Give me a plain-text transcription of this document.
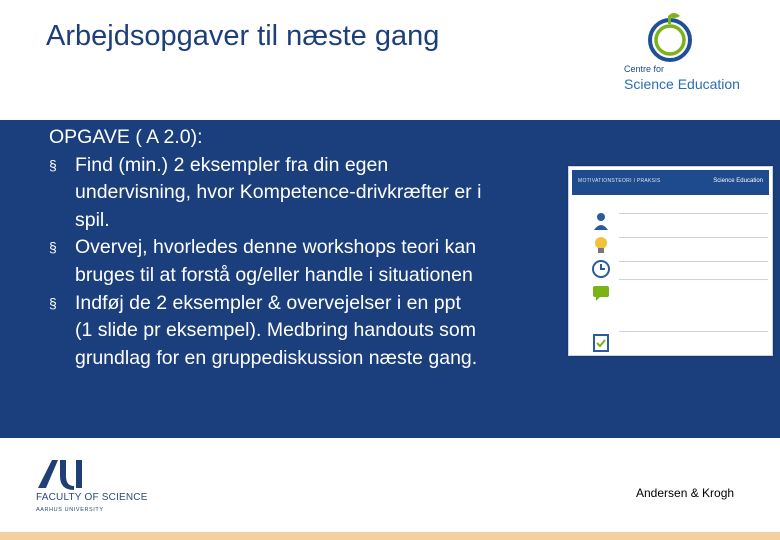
Arbejdsopgaver til næste gang
Centre for
Science Education

OPGAVE ( A 2.0):

§ Find (min.) 2 eksempler fra din egen

undervisning, hvor Kompetence-drivkræfter er i

spil.

§ Overvej, hvorledes denne workshops teori kan

bruges til at forstå og/eller handle i situationen

§ Indføj de 2 eksempler & overvejelser i en ppt

(1 slide pr eksempel). Medbring handouts som

grundlag for en gruppediskussion næste gang.

MOTIVATIONSTEORI I PRAKSIS	Science Education

FACULTY OF SCIENCE
AARHUS UNIVERSITY
Andersen & Krogh
